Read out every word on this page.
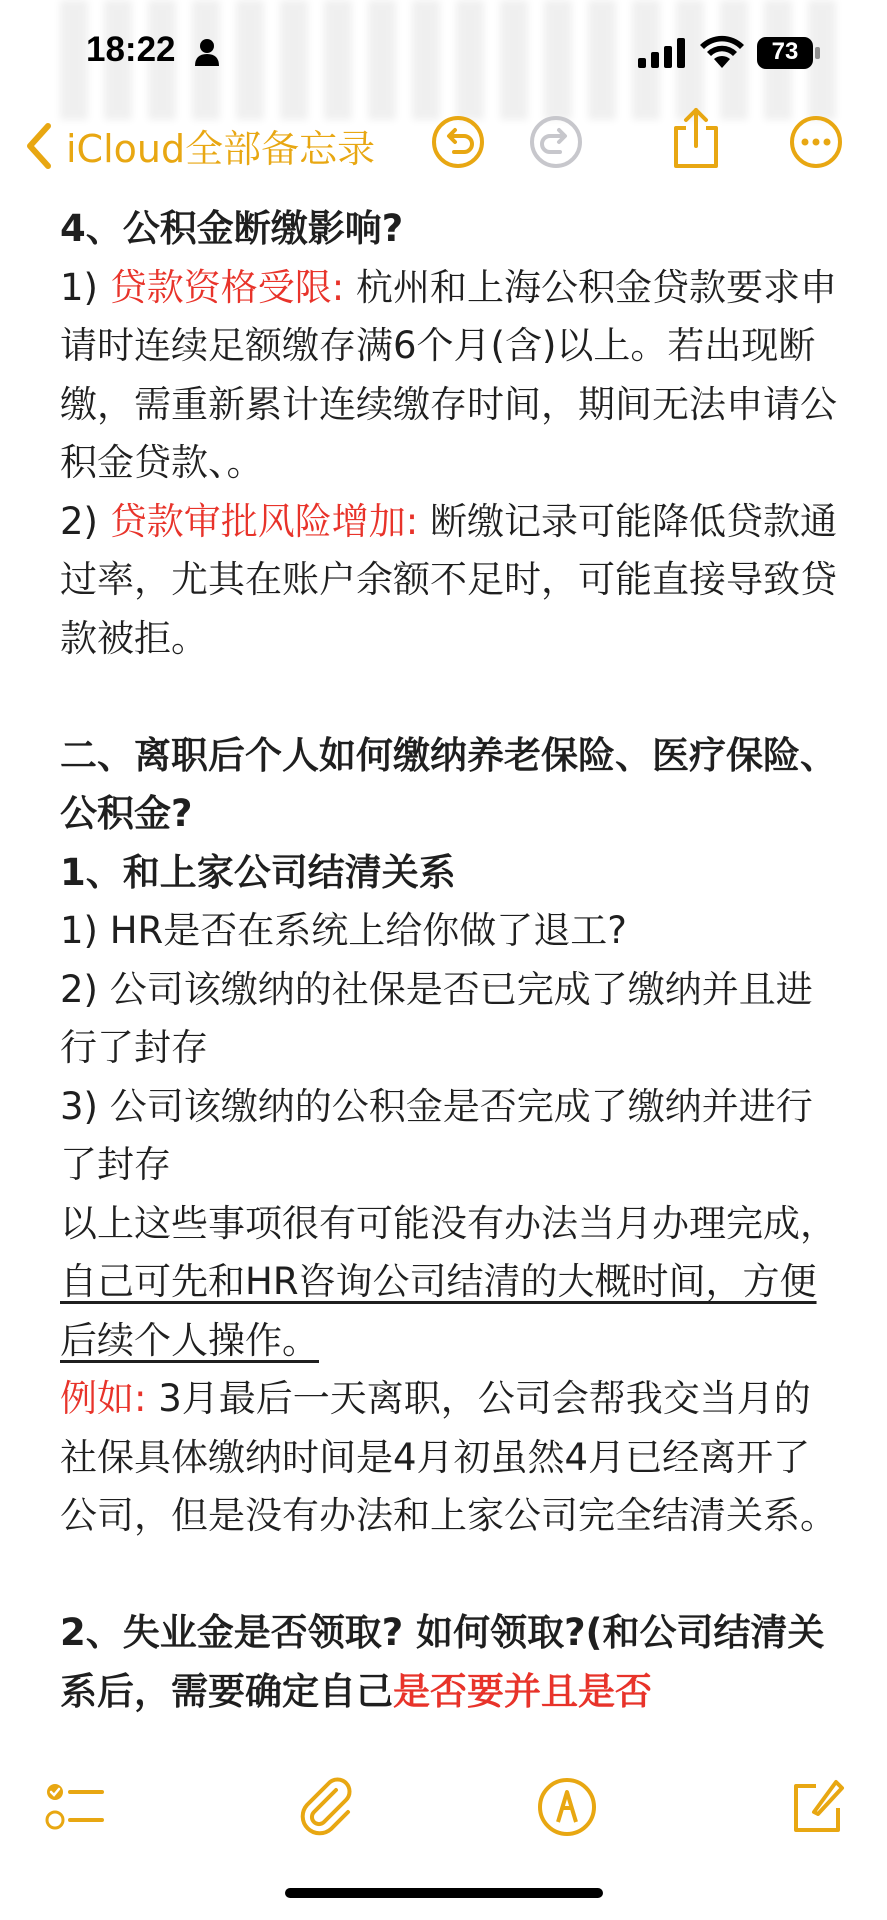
18:22	73
iCloud全部备忘录

4、公积金断缴影响?

1) 贷款资格受限: 杭州和上海公积金贷款要求申请时连续足额缴存满6个月(含)以上。若出现断缴，需重新累计连续缴存时间，期间无法申请公积金贷款、。

2) 贷款审批风险增加: 断缴记录可能降低贷款通过率，尤其在账户余额不足时，可能直接导致贷款被拒。

二、离职后个人如何缴纳养老保险、医疗保险、公积金?

1、和上家公司结清关系

1) HR是否在系统上给你做了退工?

2) 公司该缴纳的社保是否已完成了缴纳并且进行了封存

3) 公司该缴纳的公积金是否完成了缴纳并进行了封存

以上这些事项很有可能没有办法当月办理完成，自己可先和HR咨询公司结清的大概时间，方便后续个人操作。

例如: 3月最后一天离职，公司会帮我交当月的社保具体缴纳时间是4月初虽然4月已经离开了公司，但是没有办法和上家公司完全结清关系。

2、失业金是否领取? 如何领取?(和公司结清关系后，需要确定自己是否要并且是否
